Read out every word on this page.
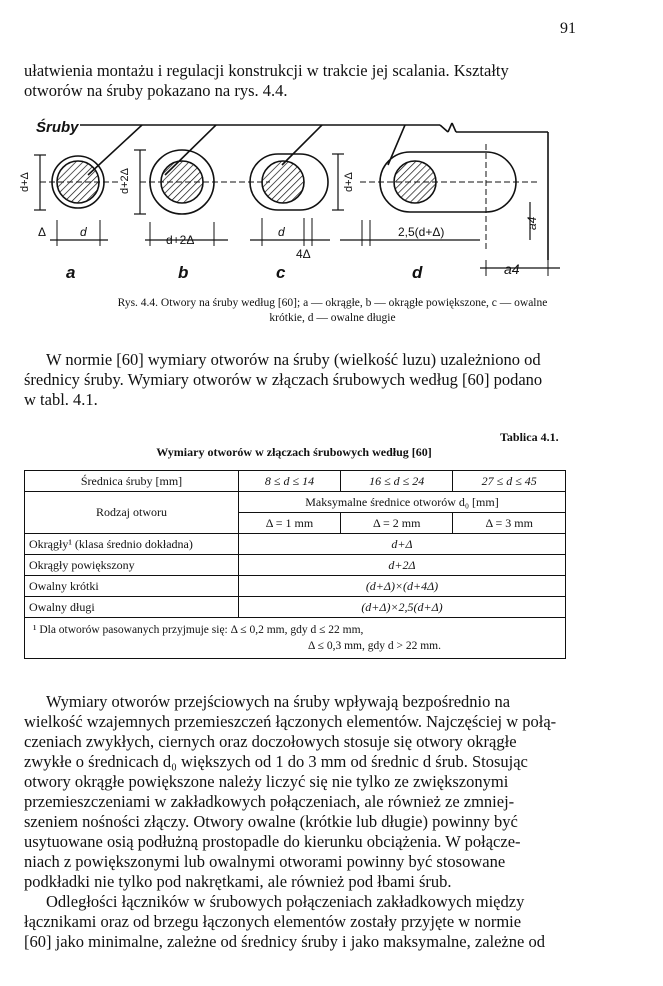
91

ułatwienia montażu i regulacji konstrukcji w trakcie jej scalania. Kształty

otworów na śruby pokazano na rys. 4.4.

Śruby
d+Δ	d+2Δ	d+Δ
a4
Δ	d
d+2Δ
d
4Δ
2,5(d+Δ)
a4
a	b	c	d
Rys. 4.4. Otwory na śruby według [60]; a — okrągłe, b — okrągłe powiększone, c — owalne
krótkie, d — owalne długie

W normie [60] wymiary otworów na śruby (wielkość luzu) uzależniono od

średnicy śruby. Wymiary otworów w złączach śrubowych według [60] podano

w tabl. 4.1.

Tablica 4.1.
Wymiary otworów w złączach śrubowych według [60]
Średnica śruby [mm]	8 ≤ d ≤ 14	16 ≤ d ≤ 24	27 ≤ d ≤ 45
Rodzaj otworu	Maksymalne średnice otworów d₀ [mm]		
	Δ = 1 mm	Δ = 2 mm	Δ = 3 mm
Okrągły¹ (klasa średnio dokładna)	d+Δ		
Okrągły powiększony	d+2Δ		
Owalny krótki	(d+Δ)×(d+4Δ)		
Owalny długi	(d+Δ)×2,5(d+Δ)		

¹ Dla otworów pasowanych przyjmuje się: Δ ≤ 0,2 mm, gdy d ≤ 22 mm,
Δ ≤ 0,3 mm, gdy d > 22 mm.			

Wymiary otworów przejściowych na śruby wpływają bezpośrednio na

wielkość wzajemnych przemieszczeń łączonych elementów. Najczęściej w połą-

czeniach zwykłych, ciernych oraz doczołowych stosuje się otwory okrągłe

zwykłe o średnicach d₀ większych od 1 do 3 mm od średnic d śrub. Stosując

otwory okrągłe powiększone należy liczyć się nie tylko ze zwiększonymi

przemieszczeniami w zakładkowych połączeniach, ale również ze zmniej-

szeniem nośności złączy. Otwory owalne (krótkie lub długie) powinny być

usytuowane osią podłużną prostopadle do kierunku obciążenia. W połącze-

niach z powiększonymi lub owalnymi otworami powinny być stosowane

podkładki nie tylko pod nakrętkami, ale również pod łbami śrub.

Odległości łączników w śrubowych połączeniach zakładkowych między

łącznikami oraz od brzegu łączonych elementów zostały przyjęte w normie

[60] jako minimalne, zależne od średnicy śruby i jako maksymalne, zależne od
